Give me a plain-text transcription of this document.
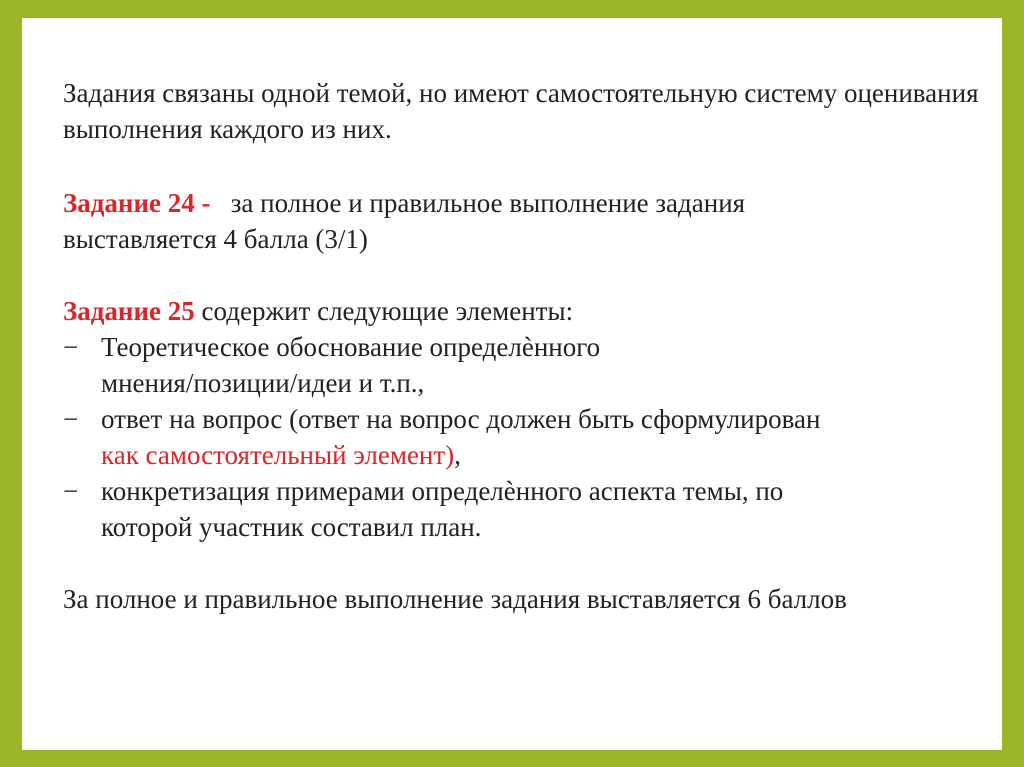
Задания связаны одной темой, но имеют самостоятельную систему оценивания выполнения каждого из них.

Задание 24 - за полное и правильное выполнение задания

выставляется 4 балла (3/1)

Задание 25 содержит следующие элементы:

− Теоретическое обоснование определѐнного
мнения/позиции/идеи и т.п.,
− ответ на вопрос (ответ на вопрос должен быть сформулирован
как самостоятельный элемент),
− конкретизация примерами определѐнного аспекта темы, по
которой участник составил план.

За полное и правильное выполнение задания выставляется 6 баллов
